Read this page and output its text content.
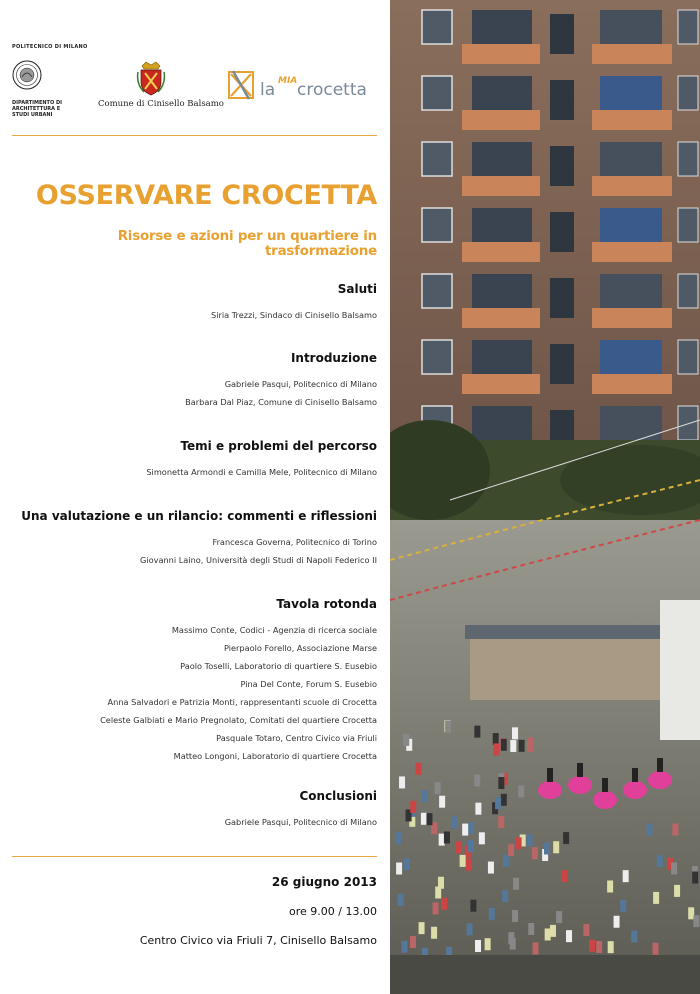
POLITECNICO DI MILANO
DIPARTIMENTO DI
ARCHITETTURA E
STUDI URBANI
Comune di Cinisello Balsamo
la MIA crocetta
OSSERVARE CROCETTA
Risorse e azioni per un quartiere in trasformazione
Saluti
Siria Trezzi, Sindaco di Cinisello Balsamo
Introduzione
Gabriele Pasqui, Politecnico di Milano
Barbara Dal Piaz, Comune di Cinisello Balsamo
Temi e problemi del percorso
Simonetta Armondi e Camilla Mele, Politecnico di Milano
Una valutazione e un rilancio: commenti e riflessioni
Francesca Governa, Politecnico di Torino
Giovanni Laino, Università degli Studi di Napoli Federico II
Tavola rotonda
Massimo Conte, Codici - Agenzia di ricerca sociale
Pierpaolo Forello, Associazione Marse
Paolo Toselli, Laboratorio di quartiere S. Eusebio
Pina Del Conte, Forum S. Eusebio
Anna Salvadori e Patrizia Monti, rappresentanti scuole di Crocetta
Celeste Galbiati e Mario Pregnolato, Comitati del quartiere Crocetta
Pasquale Totaro, Centro Civico via Friuli
Matteo Longoni, Laboratorio di quartiere Crocetta
Conclusioni
Gabriele Pasqui, Politecnico di Milano
26 giugno 2013
ore 9.00 / 13.00
Centro Civico via Friuli 7, Cinisello Balsamo
